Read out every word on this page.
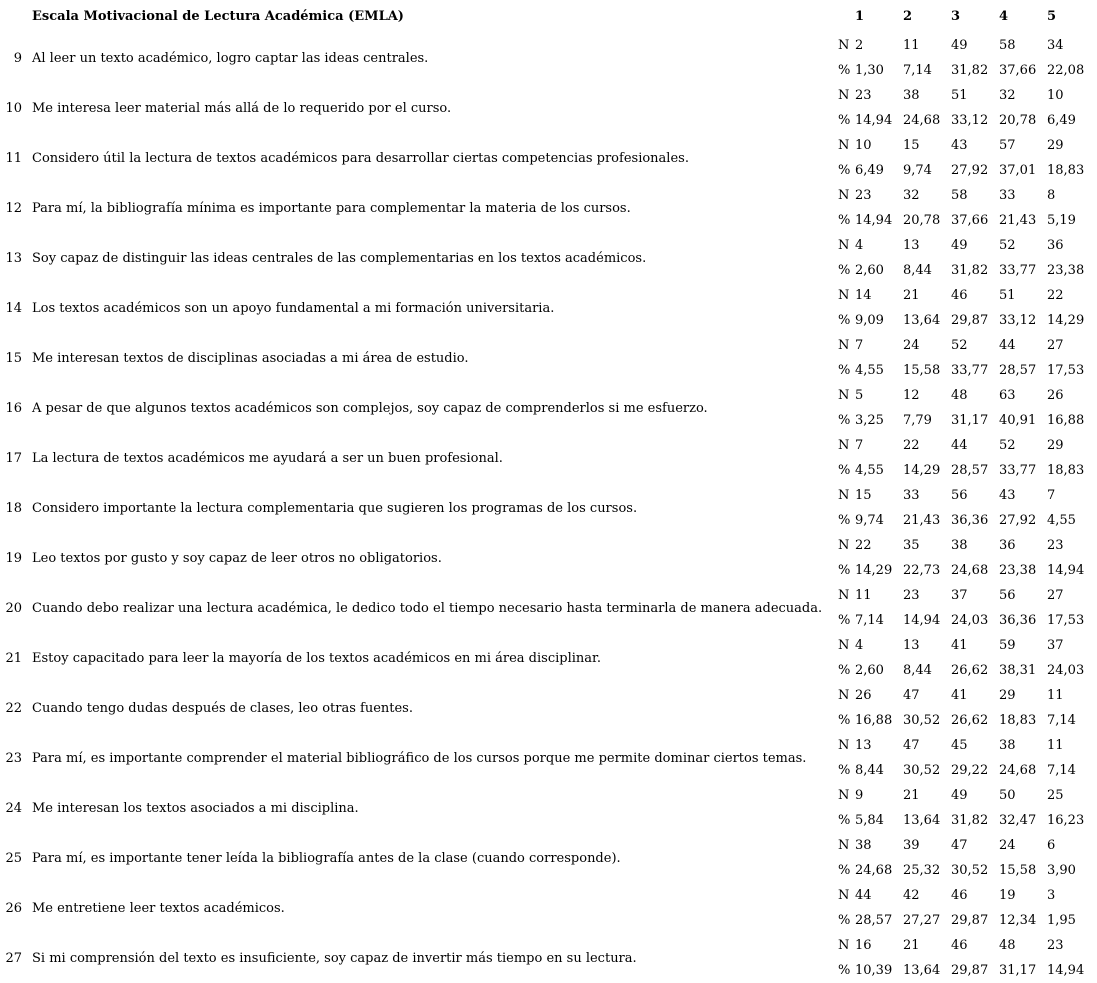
Escala Motivacional de Lectura Académica (EMLA)	1	2	3	4	5
9 Al leer un texto académico, logro captar las ideas centrales.
N 2	11	49	58	34
% 1,30	7,14	31,82 37,66 22,08
10 Me interesa leer material más allá de lo requerido por el curso.
N 23	38	51	32	10
% 14,94 24,68 33,12 20,78 6,49
11 Considero útil la lectura de textos académicos para desarrollar ciertas competencias profesionales.
N 10	15	43	57	29
% 6,49	9,74	27,92 37,01 18,83
12 Para mí, la bibliografía mínima es importante para complementar la materia de los cursos.
N 23	32	58	33	8
% 14,94 20,78 37,66 21,43 5,19
13 Soy capaz de distinguir las ideas centrales de las complementarias en los textos académicos.
N 4	13	49	52	36
% 2,60	8,44	31,82 33,77 23,38
14 Los textos académicos son un apoyo fundamental a mi formación universitaria.
N 14	21	46	51	22
% 9,09	13,64 29,87 33,12 14,29
15 Me interesan textos de disciplinas asociadas a mi área de estudio.
N 7	24	52	44	27
% 4,55	15,58 33,77 28,57 17,53
16 A pesar de que algunos textos académicos son complejos, soy capaz de comprenderlos si me esfuerzo.
N 5	12	48	63	26
% 3,25	7,79	31,17 40,91 16,88
17 La lectura de textos académicos me ayudará a ser un buen profesional.
N 7	22	44	52	29
% 4,55	14,29 28,57 33,77 18,83
18 Considero importante la lectura complementaria que sugieren los programas de los cursos.
N 15	33	56	43	7
% 9,74	21,43 36,36 27,92 4,55
19 Leo textos por gusto y soy capaz de leer otros no obligatorios.
N 22	35	38	36	23
% 14,29 22,73 24,68 23,38 14,94
20 Cuando debo realizar una lectura académica, le dedico todo el tiempo necesario hasta terminarla de manera adecuada.
N 11	23	37	56	27
% 7,14	14,94 24,03 36,36 17,53
21 Estoy capacitado para leer la mayoría de los textos académicos en mi área disciplinar.
N 4	13	41	59	37
% 2,60	8,44	26,62 38,31 24,03
22 Cuando tengo dudas después de clases, leo otras fuentes.
N 26	47	41	29	11
% 16,88 30,52 26,62 18,83 7,14
23 Para mí, es importante comprender el material bibliográfico de los cursos porque me permite dominar ciertos temas.
N 13	47	45	38	11
% 8,44	30,52 29,22 24,68 7,14
24 Me interesan los textos asociados a mi disciplina.
N 9	21	49	50	25
% 5,84	13,64 31,82 32,47 16,23
25 Para mí, es importante tener leída la bibliografía antes de la clase (cuando corresponde).
N 38	39	47	24	6
% 24,68 25,32 30,52 15,58 3,90
26 Me entretiene leer textos académicos.
N 44	42	46	19	3
% 28,57 27,27 29,87 12,34 1,95
27 Si mi comprensión del texto es insuficiente, soy capaz de invertir más tiempo en su lectura.
N 16	21	46	48	23
% 10,39 13,64 29,87 31,17 14,94
